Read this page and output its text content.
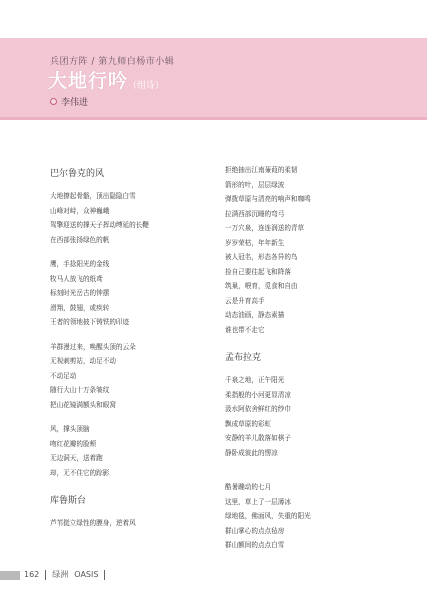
兵团方阵 / 第九师白杨市小辑
大地行吟 （组诗）
李伟进
巴尔鲁克的风
大地撩起骨骼，顶出隐隐白雪
山峰对峙，众神巍峨
驾擎迎送的撑天子挥动缚延的长鞭
在西部张扬绿色的帆
鹰，手捻阳光的金线
牧马人放飞的纸鸢
标刻时光岳古的钟摆
滑翔，鼓翅，或疾转
王者的领地披下铸铁的印迹
羊群漫过来，唤醒头顶的云朵
无视刺剪站，动足不动
不动足动
随行大山十万条皱纹
把山花镜满额头和眼窝
风，撑头顶脑
吻红花瓣的脸颊
无边洞天，送着跑
却，无不住它的踪影
库鲁斯台
芦苇挺立绿性的膜身，逆着风
拒绝抽出江南蒹葭的柔韧
箭形的叶，层层绿波
弹拨草原与清亮的响声和咖鸣
拉满西部沉睡的弯弓
一万穴泉，连连润送的青草
岁岁荣枯，年年新生
被人冠名，形态各异的鸟
捡自己要往起飞和降落
筑巢，喂育，觅食和自由
云是升育高手
动态油画，静态素描
谁也带不走它
孟布拉克
千泉之地，正午阳光
柔指般的小河更显清凉
汲水阿依舍鲜红的纱巾
飘成草原的彩虹
安静的羊儿散落如棋子
静卧成彼此的愣凉
酷暑蹦动的七月
这里，草上了一层薄冰
绿地毯，佛面风，失重的阳光
群山掌心的点点毡房
群山额间的点点白雪
162 绿洲 OASIS
